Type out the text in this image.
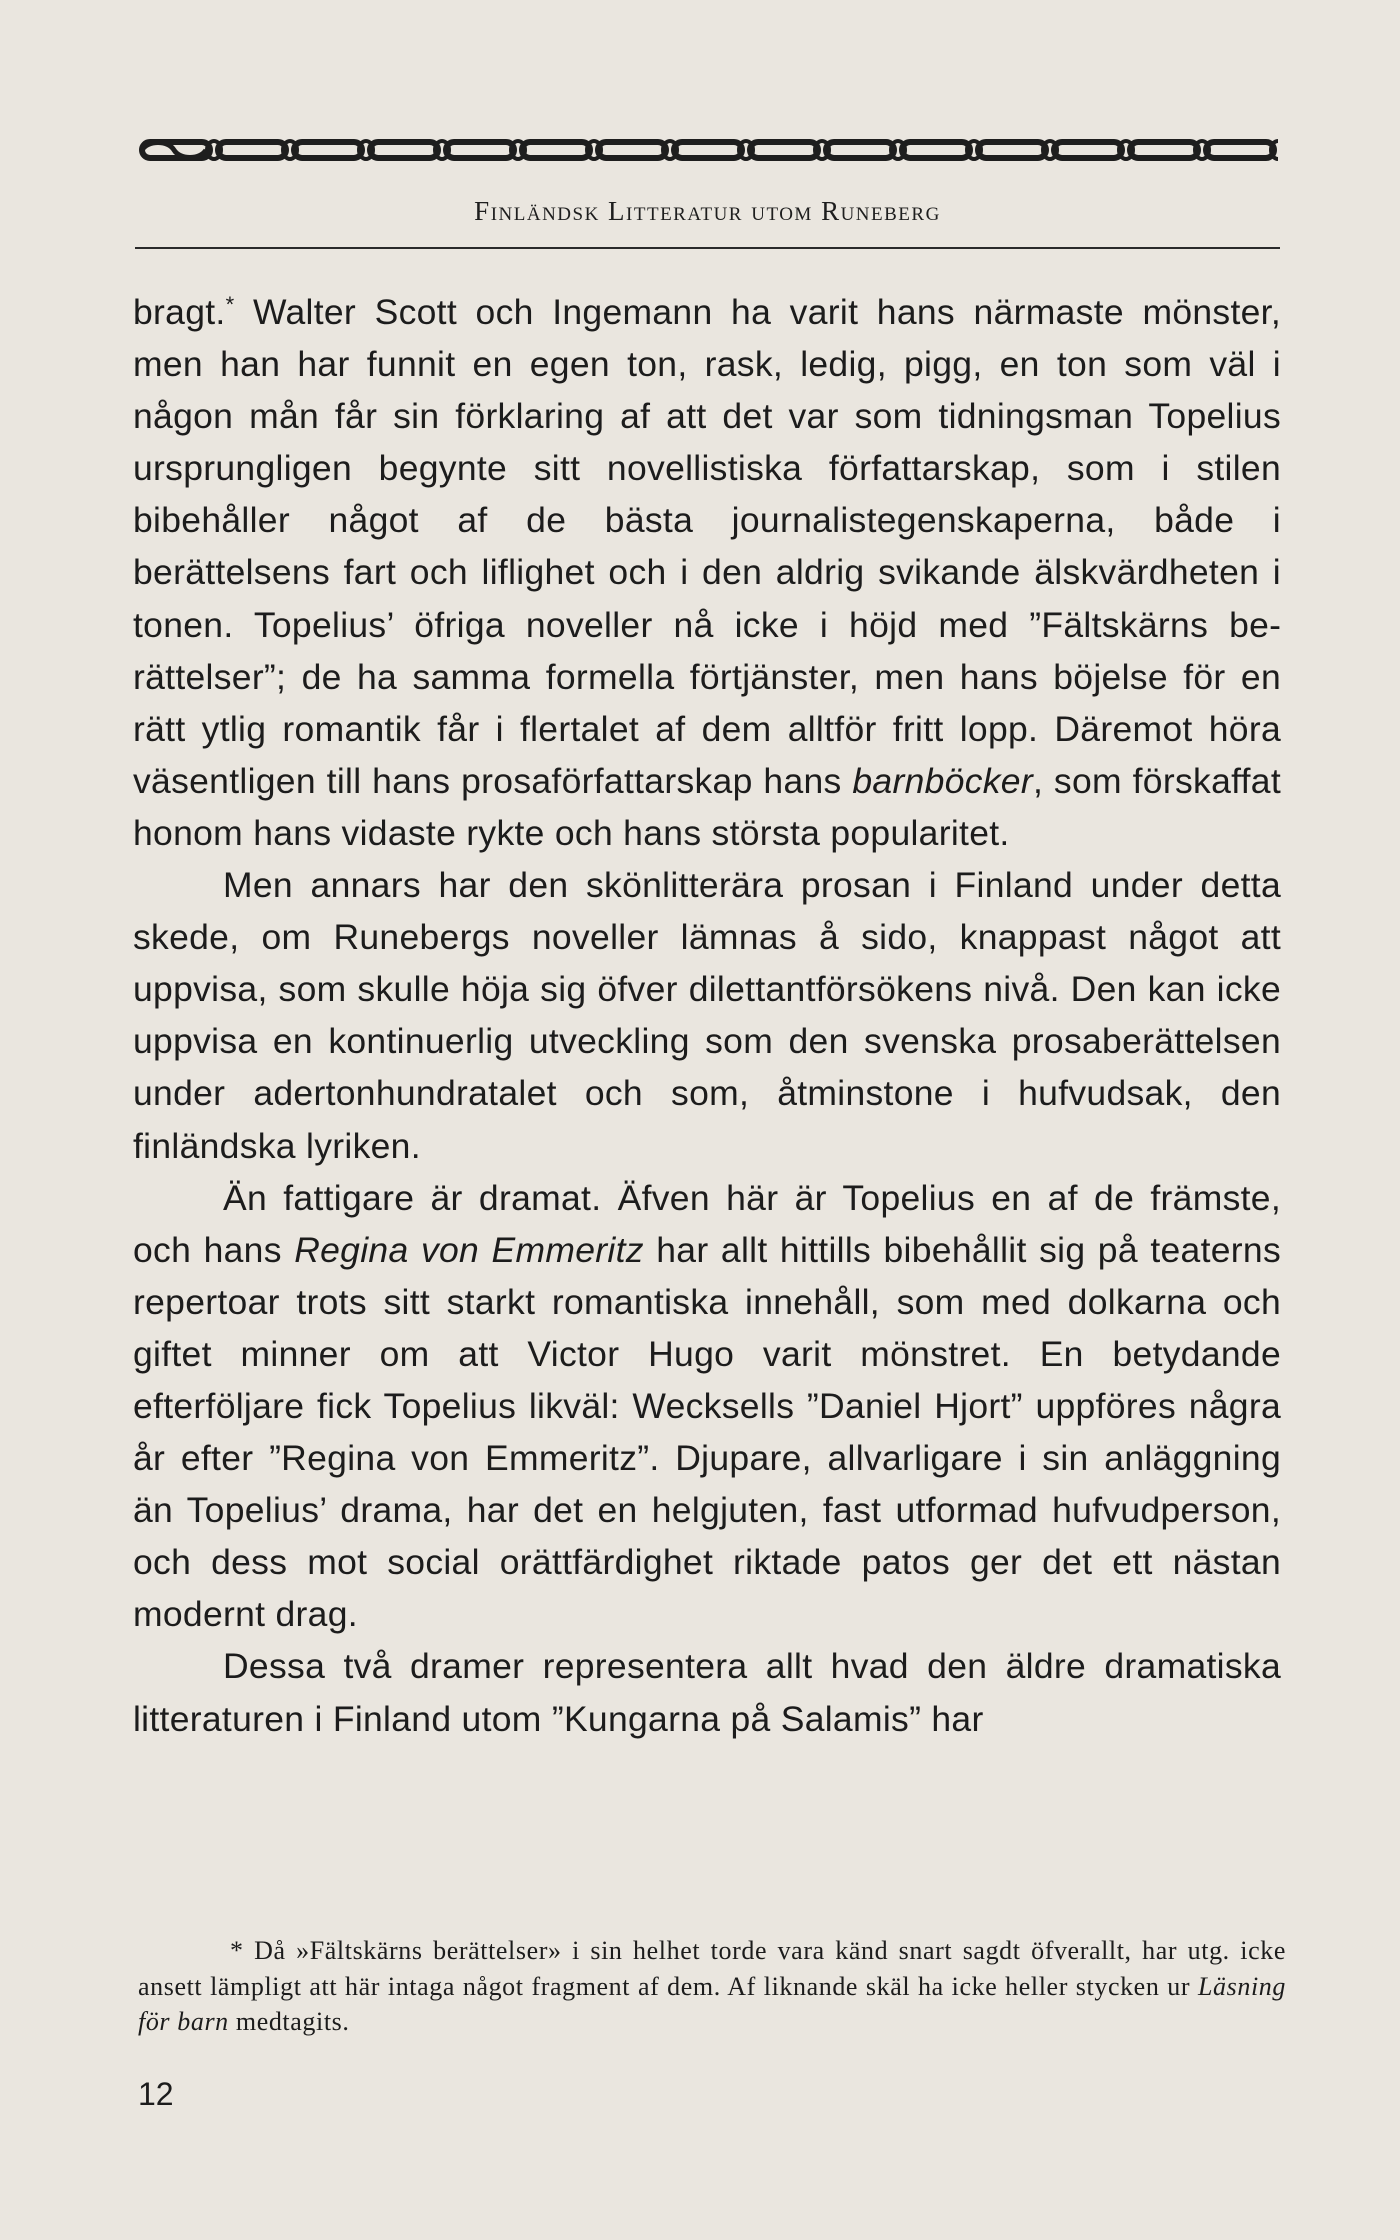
Finländsk Litteratur utom Runeberg

bragt.* Walter Scott och Ingemann ha varit hans närmaste mönster, men han har funnit en egen ton, rask, ledig, pigg, en ton som väl i någon mån får sin förklaring af att det var som tidningsman Topelius ursprungligen begynte sitt novellistiska författarskap, som i stilen bibehåller något af de bästa journalistegenskaperna, både i berättelsens fart och liflighet och i den aldrig svikande älskvärdheten i tonen. Topelius’ öfriga noveller nå icke i höjd med ”Fältskärns berättelser”; de ha samma formella förtjänster, men hans böjelse för en rätt ytlig romantik får i flertalet af dem alltför fritt lopp. Däremot höra väsentligen till hans prosaförfattarskap hans barnböcker, som förskaffat honom hans vidaste rykte och hans största popularitet.

Men annars har den skönlitterära prosan i Finland under detta skede, om Runebergs noveller lämnas å sido, knappast något att uppvisa, som skulle höja sig öfver dilettantförsökens nivå. Den kan icke uppvisa en kontinuerlig utveckling som den svenska prosaberättelsen under adertonhundratalet och som, åtminstone i hufvudsak, den finländska lyriken.

Än fattigare är dramat. Äfven här är Topelius en af de främste, och hans Regina von Emmeritz har allt hittills bibehållit sig på teaterns repertoar trots sitt starkt romantiska innehåll, som med dolkarna och giftet minner om att Victor Hugo varit mönstret. En betydande efterföljare fick Topelius likväl: Wecksells ”Daniel Hjort” uppföres några år efter ”Regina von Emmeritz”. Djupare, allvarligare i sin anläggning än Topelius’ drama, har det en helgjuten, fast utformad hufvudperson, och dess mot social orättfärdighet riktade patos ger det ett nästan modernt drag.

Dessa två dramer representera allt hvad den äldre dramatiska litteraturen i Finland utom ”Kungarna på Salamis” har

* Då »Fältskärns berättelser» i sin helhet torde vara känd snart sagdt öfverallt, har utg. icke ansett lämpligt att här intaga något fragment af dem. Af liknande skäl ha icke heller stycken ur Läsning för barn medtagits.

12
